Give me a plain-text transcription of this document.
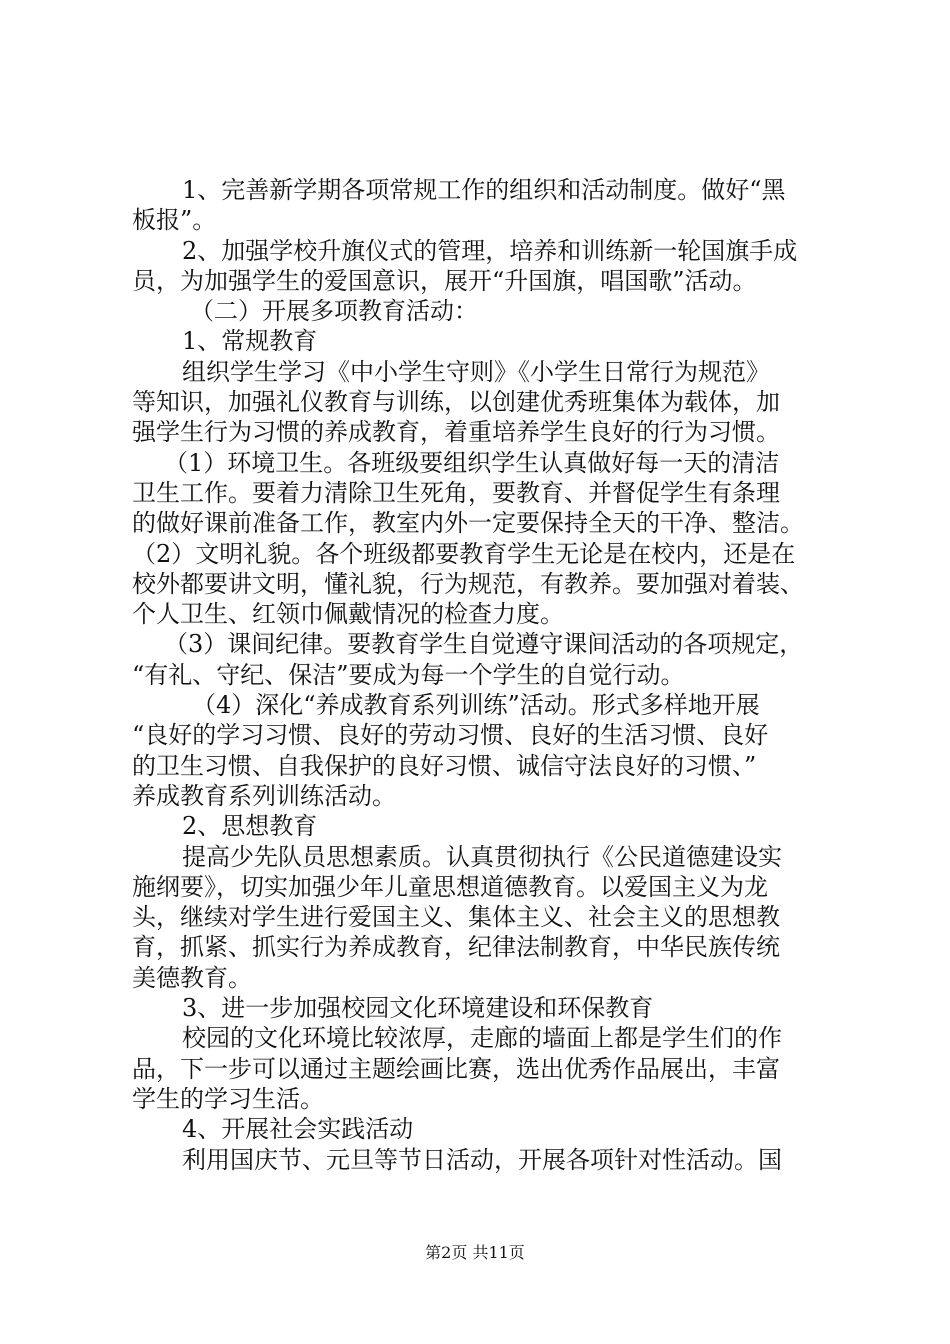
1、完善新学期各项常规工作的组织和活动制度。做好“黑
板报”。
2、加强学校升旗仪式的管理，培养和训练新一轮国旗手成
员，为加强学生的爱国意识，展开“升国旗，唱国歌”活动。
（二）开展多项教育活动：
1、常规教育
组织学生学习《中小学生守则》《小学生日常行为规范》
等知识，加强礼仪教育与训练，以创建优秀班集体为载体，加
强学生行为习惯的养成教育，着重培养学生良好的行为习惯。
（1）环境卫生。各班级要组织学生认真做好每一天的清洁
卫生工作。要着力清除卫生死角，要教育、并督促学生有条理
的做好课前准备工作，教室内外一定要保持全天的干净、整洁。
（2）文明礼貌。各个班级都要教育学生无论是在校内，还是在
校外都要讲文明，懂礼貌，行为规范，有教养。要加强对着装、
个人卫生、红领巾佩戴情况的检查力度。
（3）课间纪律。要教育学生自觉遵守课间活动的各项规定，
“有礼、守纪、保洁”要成为每一个学生的自觉行动。
（4）深化“养成教育系列训练”活动。形式多样地开展
“良好的学习习惯、良好的劳动习惯、良好的生活习惯、良好
的卫生习惯、自我保护的良好习惯、诚信守法良好的习惯、”
养成教育系列训练活动。
2、思想教育
提高少先队员思想素质。认真贯彻执行《公民道德建设实
施纲要》，切实加强少年儿童思想道德教育。以爱国主义为龙
头，继续对学生进行爱国主义、集体主义、社会主义的思想教
育，抓紧、抓实行为养成教育，纪律法制教育，中华民族传统
美德教育。
3、进一步加强校园文化环境建设和环保教育
校园的文化环境比较浓厚，走廊的墙面上都是学生们的作
品，下一步可以通过主题绘画比赛，选出优秀作品展出，丰富
学生的学习生活。
4、开展社会实践活动
利用国庆节、元旦等节日活动，开展各项针对性活动。国
第2页 共11页
